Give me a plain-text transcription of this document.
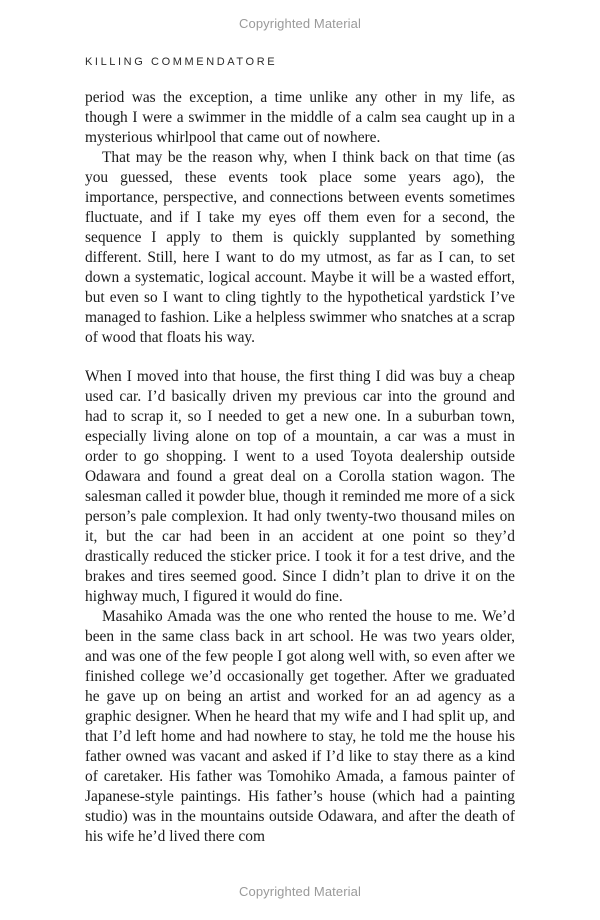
Copyrighted Material
KILLING COMMENDATORE

period was the exception, a time unlike any other in my life, as though I were a swimmer in the middle of a calm sea caught up in a mysterious whirlpool that came out of nowhere.

That may be the reason why, when I think back on that time (as you guessed, these events took place some years ago), the importance, perspective, and connections between events sometimes fluctuate, and if I take my eyes off them even for a second, the sequence I apply to them is quickly supplanted by something different. Still, here I want to do my utmost, as far as I can, to set down a systematic, logical account. Maybe it will be a wasted effort, but even so I want to cling tightly to the hypothetical yardstick I’ve managed to fashion. Like a helpless swimmer who snatches at a scrap of wood that floats his way.

When I moved into that house, the first thing I did was buy a cheap used car. I’d basically driven my previous car into the ground and had to scrap it, so I needed to get a new one. In a suburban town, especially living alone on top of a mountain, a car was a must in order to go shopping. I went to a used Toyota dealership outside Odawara and found a great deal on a Corolla station wagon. The salesman called it powder blue, though it reminded me more of a sick person’s pale complexion. It had only twenty-two thousand miles on it, but the car had been in an accident at one point so they’d drastically reduced the sticker price. I took it for a test drive, and the brakes and tires seemed good. Since I didn’t plan to drive it on the highway much, I figured it would do fine.

Masahiko Amada was the one who rented the house to me. We’d been in the same class back in art school. He was two years older, and was one of the few people I got along well with, so even after we finished college we’d occasionally get together. After we graduated he gave up on being an artist and worked for an ad agency as a graphic designer. When he heard that my wife and I had split up, and that I’d left home and had nowhere to stay, he told me the house his father owned was vacant and asked if I’d like to stay there as a kind of caretaker. His father was Tomohiko Amada, a famous painter of Japanese-style paintings. His father’s house (which had a painting studio) was in the mountains outside Odawara, and after the death of his wife he’d lived there com

Copyrighted Material
